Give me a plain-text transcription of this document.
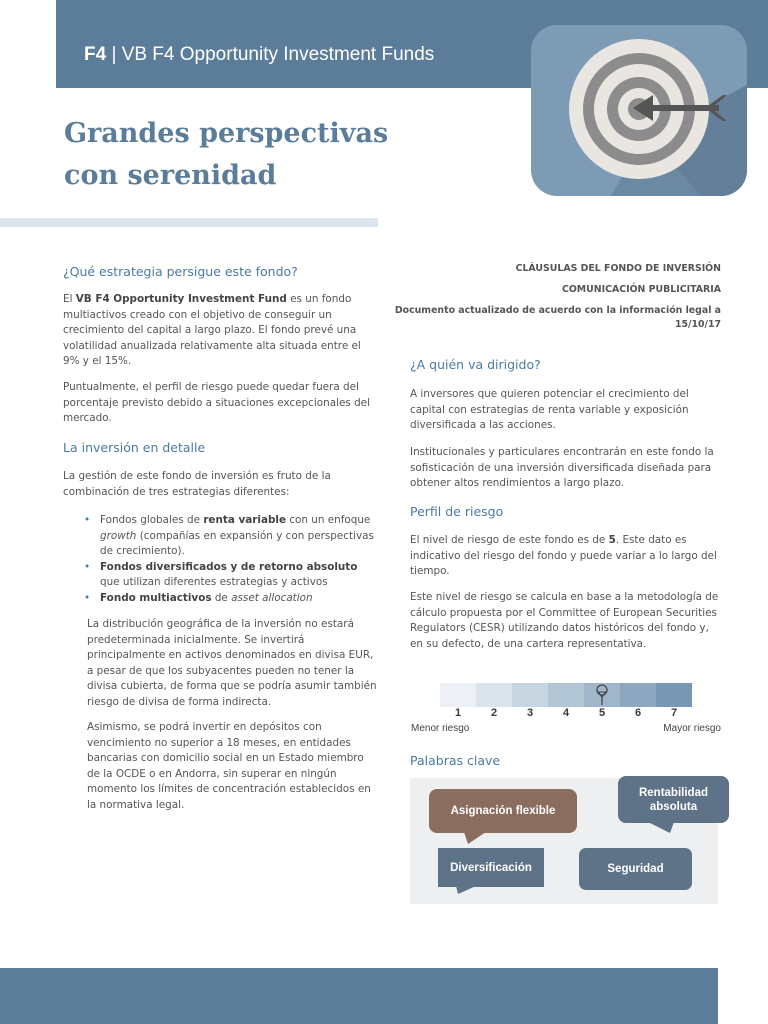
F4 | VB F4 Opportunity Investment Funds
Grandes perspectivas
con serenidad
¿Qué estrategia persigue este fondo?
El VB F4 Opportunity Investment Fund es un fondo multiactivos creado con el objetivo de conseguir un crecimiento del capital a largo plazo. El fondo prevé una volatilidad anualizada relativamente alta situada entre el 9% y el 15%.
Puntualmente, el perfil de riesgo puede quedar fuera del porcentaje previsto debido a situaciones excepcionales del mercado.
La inversión en detalle
La gestión de este fondo de inversión es fruto de la combinación de tres estrategias diferentes:
• Fondos globales de renta variable con un enfoque growth (compañías en expansión y con perspectivas de crecimiento).
• Fondos diversificados y de retorno absoluto que utilizan diferentes estrategias y activos
• Fondo multiactivos de asset allocation
La distribución geográfica de la inversión no estará predeterminada inicialmente. Se invertirá principalmente en activos denominados en divisa EUR, a pesar de que los subyacentes pueden no tener la divisa cubierta, de forma que se podría asumir también riesgo de divisa de forma indirecta.
Asimismo, se podrá invertir en depósitos con vencimiento no superior a 18 meses, en entidades bancarias con domicilio social en un Estado miembro de la OCDE o en Andorra, sin superar en ningún momento los límites de concentración establecidos en la normativa legal.
CLÁUSULAS DEL FONDO DE INVERSIÓN
COMUNICACIÓN PUBLICITARIA
Documento actualizado de acuerdo con la información legal a
15/10/17
¿A quién va dirigido?
A inversores que quieren potenciar el crecimiento del capital con estrategias de renta variable y exposición diversificada a las acciones.
Institucionales y particulares encontrarán en este fondo la sofisticación de una inversión diversificada diseñada para obtener altos rendimientos a largo plazo.
Perfil de riesgo
El nivel de riesgo de este fondo es de 5. Este dato es indicativo del riesgo del fondo y puede variar a lo largo del tiempo.
Este nivel de riesgo se calcula en base a la metodología de cálculo propuesta por el Committee of European Securities Regulators (CESR) utilizando datos históricos del fondo y, en su defecto, de una cartera representativa.
1	2	3	4	5	6	7
Menor riesgo	Mayor riesgo
Palabras clave
Asignación flexible
Rentabilidad absoluta
Diversificación	Seguridad
